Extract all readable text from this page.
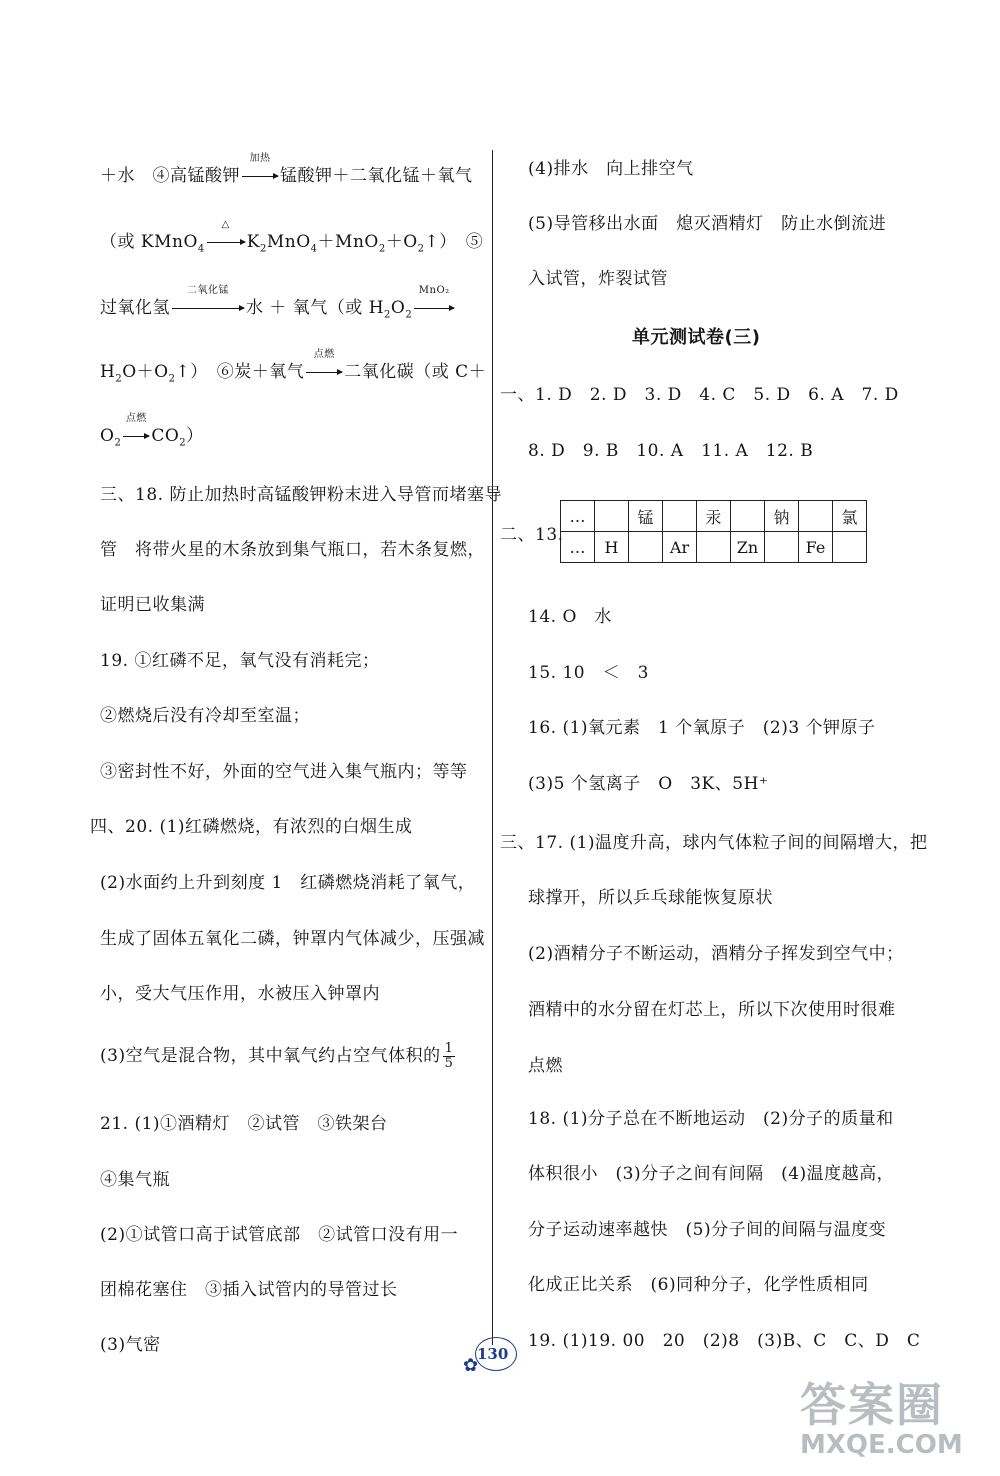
＋水　④高锰酸钾
加热
锰酸钾＋二氧化锰＋氧气
（或 KMnO$_4$
△
$K_2MnO_4+MnO_2+O_2↑$）　⑤
过氧化氢
二氧化锰
水 ＋ 氧气（或 $H_2O_2$
MnO₂
$H_2O+O_2↑$）　⑥炭＋氧气
点燃
二氧化碳（或 C＋
$O_2$
点燃
$CO_2$）
三、18. 防止加热时高锰酸钾粉末进入导管而堵塞导
管　将带火星的木条放到集气瓶口，若木条复燃，
证明已收集满
19. ①红磷不足，氧气没有消耗完；
②燃烧后没有冷却至室温；
③密封性不好，外面的空气进入集气瓶内；等等
四、20. (1)红磷燃烧，有浓烈的白烟生成
(2)水面约上升到刻度 1　红磷燃烧消耗了氧气，
生成了固体五氧化二磷，钟罩内气体减少，压强减
小，受大气压作用，水被压入钟罩内
(3)空气是混合物，其中氧气约占空气体积的 $\frac{1}{5}$
21. (1)①酒精灯　②试管　③铁架台
④集气瓶
(2)①试管口高于试管底部　②试管口没有用一
团棉花塞住　③插入试管内的导管过长
(3)气密
(4)排水　向上排空气
(5)导管移出水面　熄灭酒精灯　防止水倒流进
入试管，炸裂试管
单元测试卷(三)
一、1. D　2. D　3. D　4. C　5. D　6. A　7. D
8. D　9. B　10. A　11. A　12. B
二、13.
…		锰		汞		钠		氯
…	H		Ar		Zn		Fe	
14. O　水
15. 10　＜　3
16. (1)氧元素　1 个氧原子　(2)3 个钾原子
(3)5 个氢离子　O　3K、5H⁺
三、17. (1)温度升高，球内气体粒子间的间隔增大，把
球撑开，所以乒乓球能恢复原状
(2)酒精分子不断运动，酒精分子挥发到空气中；
酒精中的水分留在灯芯上，所以下次使用时很难
点燃
18. (1)分子总在不断地运动　(2)分子的质量和
体积很小　(3)分子之间有间隔　(4)温度越高，
分子运动速率越快　(5)分子间的间隔与温度变
化成正比关系　(6)同种分子，化学性质相同
19. (1)19. 00　20　(2)8　(3)B、C　C、D　C
✿
130
答案圈
MXQE.COM
